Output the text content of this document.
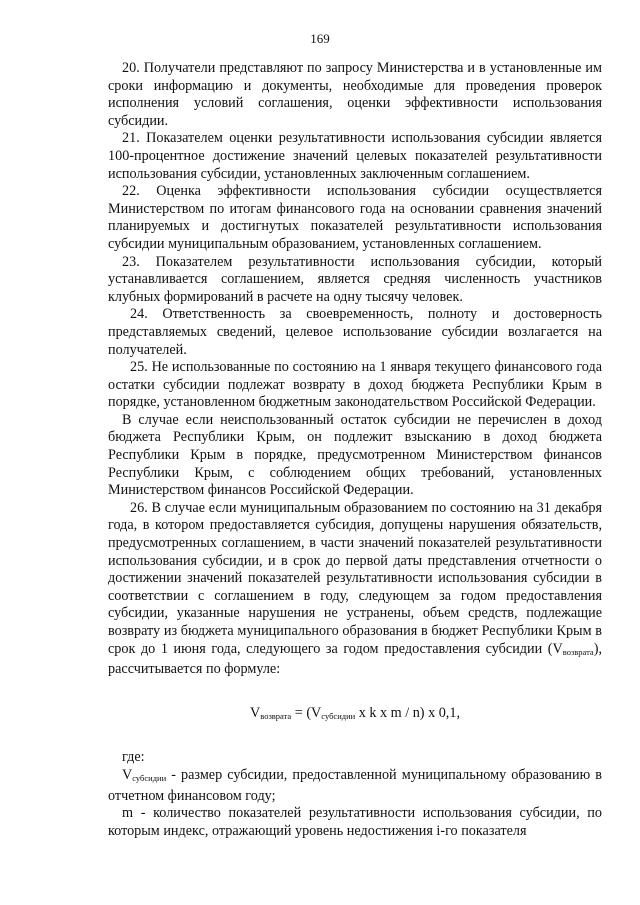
169

20. Получатели представляют по запросу Министерства и в установленные им сроки информацию и документы, необходимые для проведения проверок исполнения условий соглашения, оценки эффективности использования субсидии.

21. Показателем оценки результативности использования субсидии является 100-процентное достижение значений целевых показателей результативности использования субсидии, установленных заключенным соглашением.

22. Оценка эффективности использования субсидии осуществляется Министерством по итогам финансового года на основании сравнения значений планируемых и достигнутых показателей результативности использования субсидии муниципальным образованием, установленных соглашением.

23. Показателем результативности использования субсидии, который устанавливается соглашением, является средняя численность участников клубных формирований в расчете на одну тысячу человек.

24. Ответственность за своевременность, полноту и достоверность представляемых сведений, целевое использование субсидии возлагается на получателей.

25. Не использованные по состоянию на 1 января текущего финансового года остатки субсидии подлежат возврату в доход бюджета Республики Крым в порядке, установленном бюджетным законодательством Российской Федерации.

В случае если неиспользованный остаток субсидии не перечислен в доход бюджета Республики Крым, он подлежит взысканию в доход бюджета Республики Крым в порядке, предусмотренном Министерством финансов Республики Крым, с соблюдением общих требований, установленных Министерством финансов Российской Федерации.

26. В случае если муниципальным образованием по состоянию на 31 декабря года, в котором предоставляется субсидия, допущены нарушения обязательств, предусмотренных соглашением, в части значений показателей результативности использования субсидии, и в срок до первой даты представления отчетности о достижении значений показателей результативности использования субсидии в соответствии с соглашением в году, следующем за годом предоставления субсидии, указанные нарушения не устранены, объем средств, подлежащие возврату из бюджета муниципального образования в бюджет Республики Крым в срок до 1 июня года, следующего за годом предоставления субсидии $(V_{возврата})$, рассчитывается по формуле:

$V_{возврата} = (V_{субсидии}$ x k x m / n) x 0,1,

где:

$V_{субсидии}$ - размер субсидии, предоставленной муниципальному образованию в отчетном финансовом году;

m - количество показателей результативности использования субсидии, по которым индекс, отражающий уровень недостижения i-го показателя
